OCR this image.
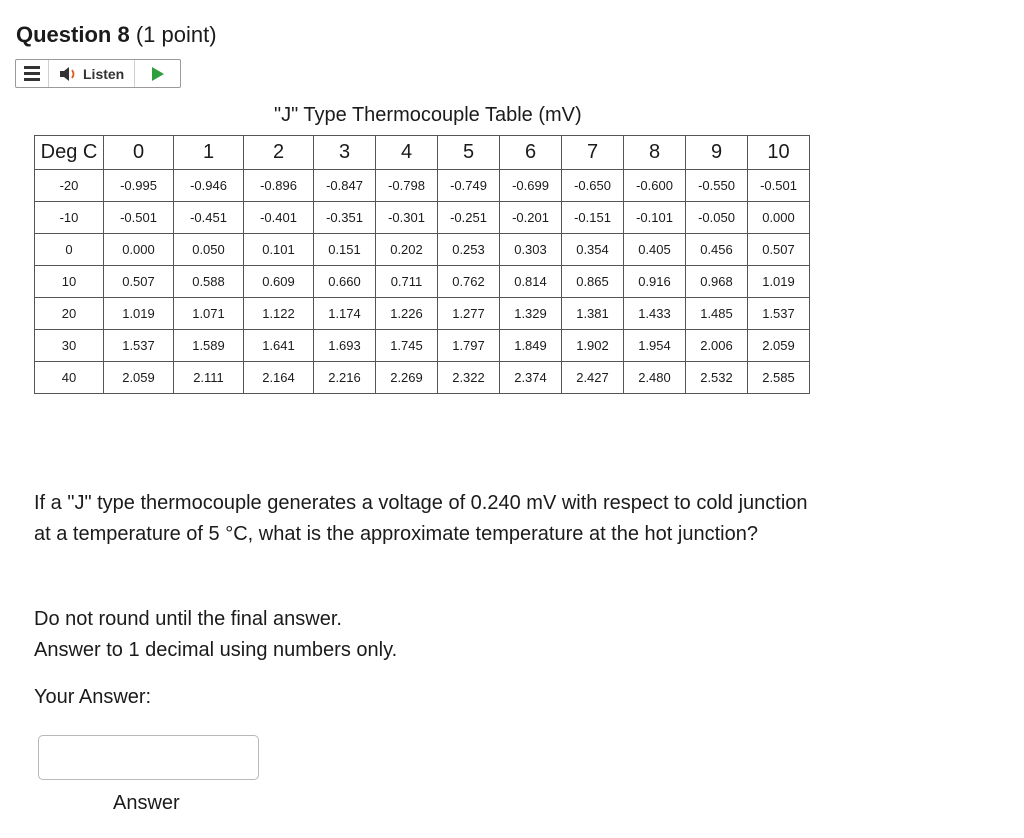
Question 8 (1 point)
Listen
"J" Type Thermocouple Table (mV)
Deg C	0	1	2	3	4	5	6	7	8	9	10
-20	-0.995	-0.946	-0.896	-0.847	-0.798	-0.749	-0.699	-0.650	-0.600	-0.550	-0.501
-10	-0.501	-0.451	-0.401	-0.351	-0.301	-0.251	-0.201	-0.151	-0.101	-0.050	0.000
0	0.000	0.050	0.101	0.151	0.202	0.253	0.303	0.354	0.405	0.456	0.507
10	0.507	0.588	0.609	0.660	0.711	0.762	0.814	0.865	0.916	0.968	1.019
20	1.019	1.071	1.122	1.174	1.226	1.277	1.329	1.381	1.433	1.485	1.537
30	1.537	1.589	1.641	1.693	1.745	1.797	1.849	1.902	1.954	2.006	2.059
40	2.059	2.111	2.164	2.216	2.269	2.322	2.374	2.427	2.480	2.532	2.585
If a "J" type thermocouple generates a voltage of 0.240 mV with respect to cold junction at a temperature of 5 °C, what is the approximate temperature at the hot junction?
Do not round until the final answer.
Answer to 1 decimal using numbers only.
Your Answer:
Answer
